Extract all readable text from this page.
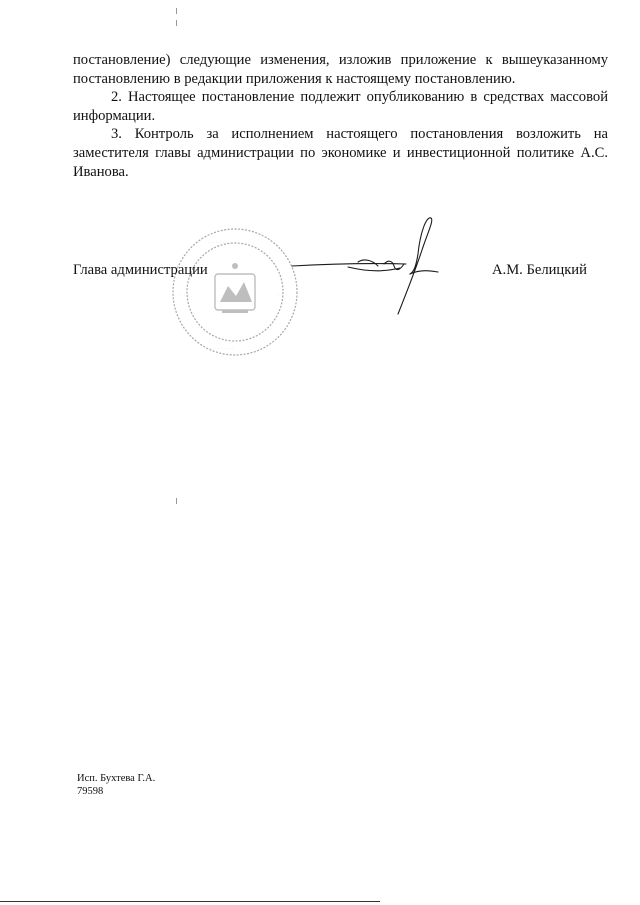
постановление) следующие изменения, изложив приложение к вышеуказанному постановлению в редакции приложения к настоящему постановлению.

2. Настоящее постановление подлежит опубликованию в средствах массовой информации.

3. Контроль за исполнением настоящего постановления возложить на заместителя главы администрации по экономике и инвестиционной политике А.С. Иванова.

· · · · · · · ·
· · ·	· · ·
· · · · · · ·
Глава администрации	А.М. Белицкий
Исп. Бухтева Г.А.
79598
